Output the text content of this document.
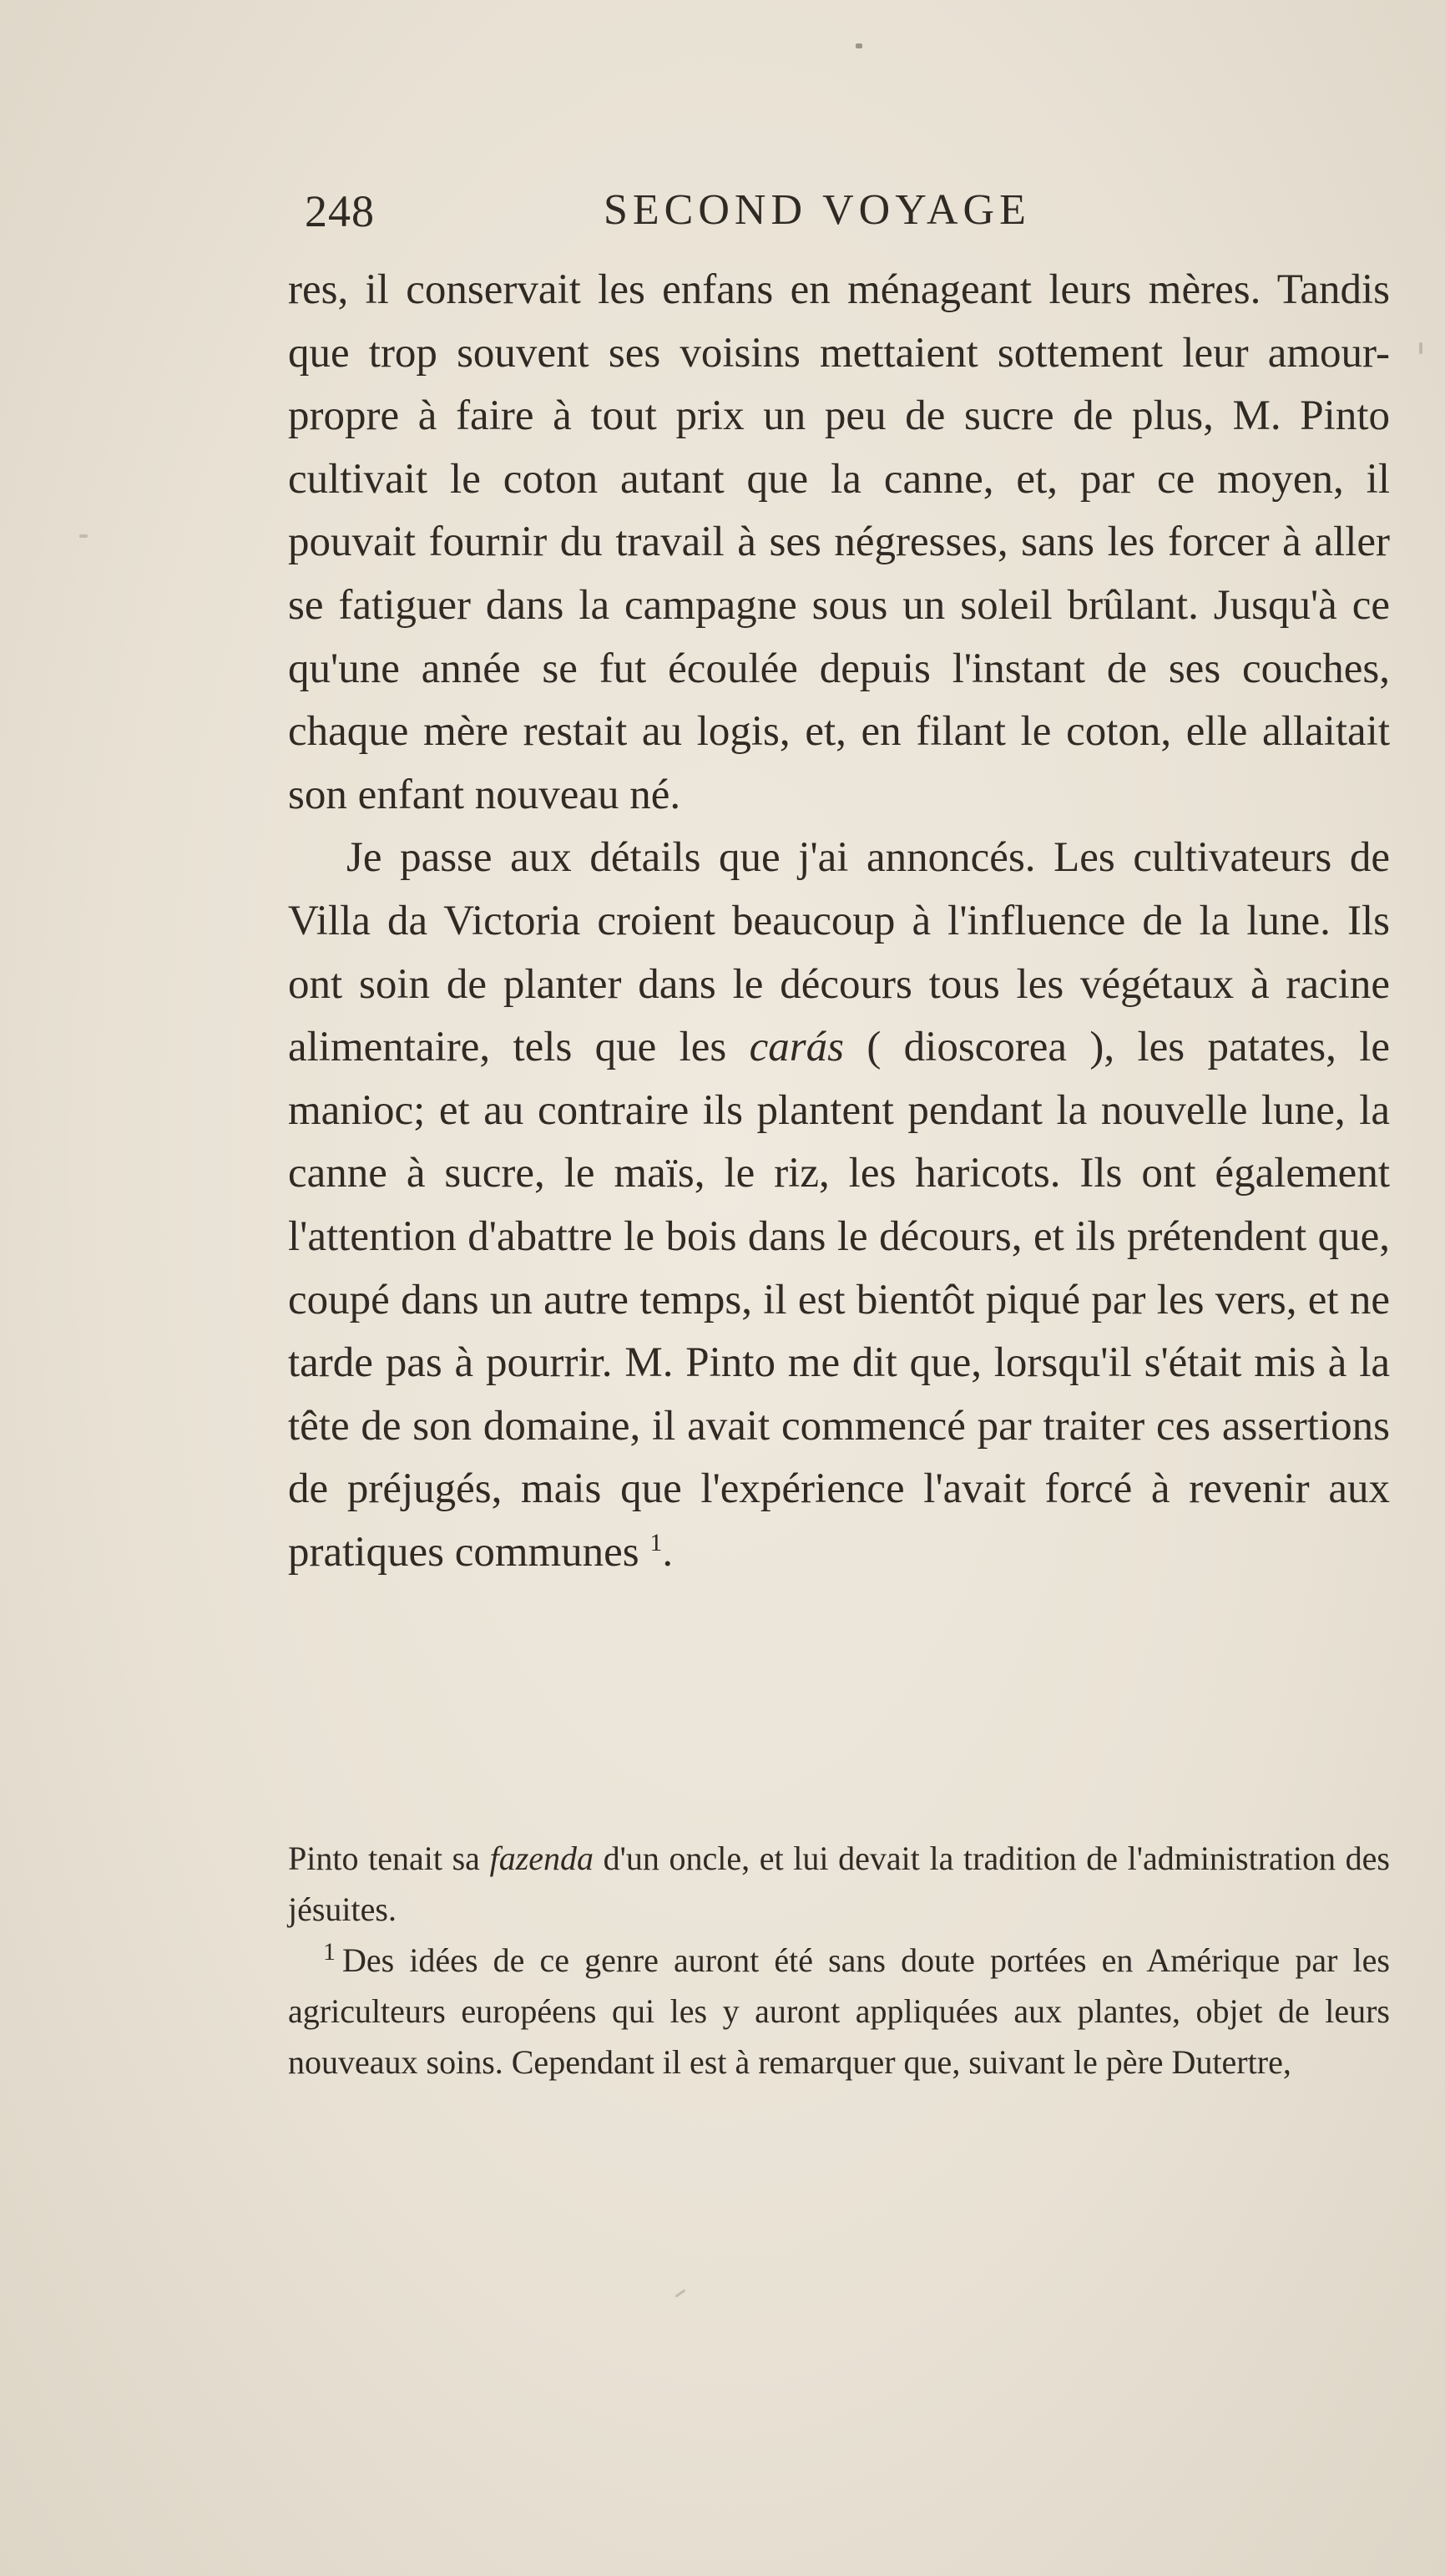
248	SECOND VOYAGE

res, il conservait les enfans en ménageant leurs mères. Tandis que trop souvent ses voisins mettaient sottement leur amour-propre à faire à tout prix un peu de sucre de plus, M. Pinto cultivait le coton autant que la canne, et, par ce moyen, il pouvait fournir du travail à ses négresses, sans les forcer à aller se fatiguer dans la campagne sous un soleil brûlant. Jusqu'à ce qu'une année se fut écoulée depuis l'instant de ses couches, chaque mère restait au logis, et, en filant le coton, elle allaitait son enfant nouveau né.

Je passe aux détails que j'ai annoncés. Les cultivateurs de Villa da Victoria croient beaucoup à l'influence de la lune. Ils ont soin de planter dans le décours tous les végétaux à racine alimentaire, tels que les carás ( dioscorea ), les patates, le manioc; et au contraire ils plantent pendant la nouvelle lune, la canne à sucre, le maïs, le riz, les haricots. Ils ont également l'attention d'abattre le bois dans le décours, et ils prétendent que, coupé dans un autre temps, il est bientôt piqué par les vers, et ne tarde pas à pourrir. M. Pinto me dit que, lorsqu'il s'était mis à la tête de son domaine, il avait commencé par traiter ces assertions de préjugés, mais que l'expérience l'avait forcé à revenir aux pratiques communes $^1$.

Pinto tenait sa fazenda d'un oncle, et lui devait la tradition de l'administration des jésuites.

$^1$ Des idées de ce genre auront été sans doute portées en Amérique par les agriculteurs européens qui les y auront appliquées aux plantes, objet de leurs nouveaux soins. Cependant il est à remarquer que, suivant le père Dutertre,
